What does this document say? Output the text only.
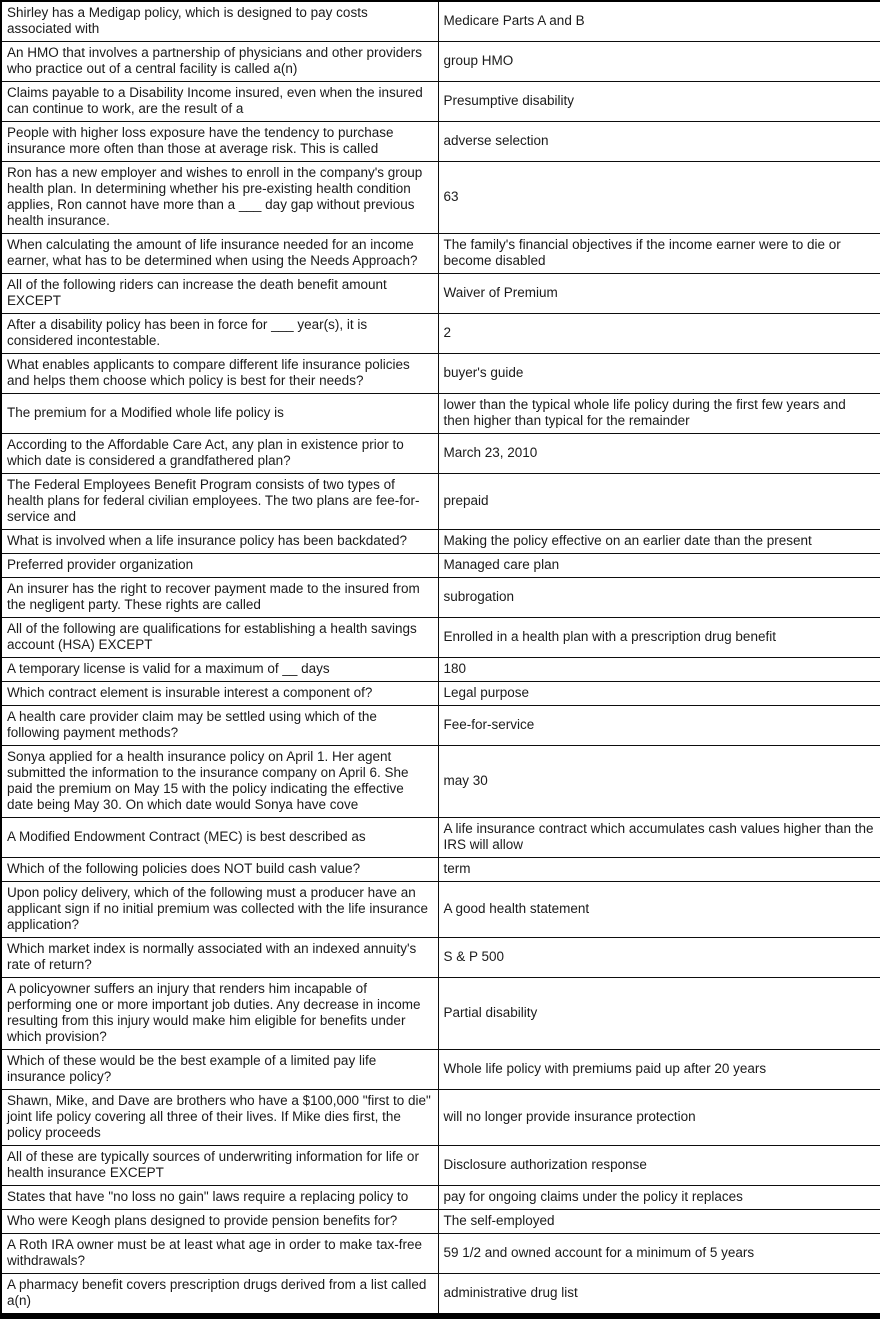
Shirley has a Medigap policy, which is designed to pay costs associated with	Medicare Parts A and B
An HMO that involves a partnership of physicians and other providers who practice out of a central facility is called a(n)	group HMO
Claims payable to a Disability Income insured, even when the insured can continue to work, are the result of a	Presumptive disability
People with higher loss exposure have the tendency to purchase insurance more often than those at average risk. This is called	adverse selection
Ron has a new employer and wishes to enroll in the company's group health plan. In determining whether his pre-existing health condition applies, Ron cannot have more than a ___ day gap without previous health insurance.	63
When calculating the amount of life insurance needed for an income earner, what has to be determined when using the Needs Approach?	The family's financial objectives if the income earner were to die or become disabled
All of the following riders can increase the death benefit amount EXCEPT	Waiver of Premium
After a disability policy has been in force for ___ year(s), it is considered incontestable.	2
What enables applicants to compare different life insurance policies and helps them choose which policy is best for their needs?	buyer's guide
The premium for a Modified whole life policy is	lower than the typical whole life policy during the first few years and then higher than typical for the remainder
According to the Affordable Care Act, any plan in existence prior to which date is considered a grandfathered plan?	March 23, 2010
The Federal Employees Benefit Program consists of two types of health plans for federal civilian employees. The two plans are fee-for-service and	prepaid
What is involved when a life insurance policy has been backdated?	Making the policy effective on an earlier date than the present
Preferred provider organization	Managed care plan
An insurer has the right to recover payment made to the insured from the negligent party. These rights are called	subrogation
All of the following are qualifications for establishing a health savings account (HSA) EXCEPT	Enrolled in a health plan with a prescription drug benefit
A temporary license is valid for a maximum of __ days	180
Which contract element is insurable interest a component of?	Legal purpose
A health care provider claim may be settled using which of the following payment methods?	Fee-for-service
Sonya applied for a health insurance policy on April 1. Her agent submitted the information to the insurance company on April 6. She paid the premium on May 15 with the policy indicating the effective date being May 30. On which date would Sonya have cove	may 30
A Modified Endowment Contract (MEC) is best described as	A life insurance contract which accumulates cash values higher than the IRS will allow
Which of the following policies does NOT build cash value?	term
Upon policy delivery, which of the following must a producer have an applicant sign if no initial premium was collected with the life insurance application?	A good health statement
Which market index is normally associated with an indexed annuity's rate of return?	S & P 500
A policyowner suffers an injury that renders him incapable of performing one or more important job duties. Any decrease in income resulting from this injury would make him eligible for benefits under which provision?	Partial disability
Which of these would be the best example of a limited pay life insurance policy?	Whole life policy with premiums paid up after 20 years
Shawn, Mike, and Dave are brothers who have a $100,000 "first to die" joint life policy covering all three of their lives. If Mike dies first, the policy proceeds	will no longer provide insurance protection
All of these are typically sources of underwriting information for life or health insurance EXCEPT	Disclosure authorization response
States that have "no loss no gain" laws require a replacing policy to	pay for ongoing claims under the policy it replaces
Who were Keogh plans designed to provide pension benefits for?	The self-employed
A Roth IRA owner must be at least what age in order to make tax-free withdrawals?	59 1/2 and owned account for a minimum of 5 years
A pharmacy benefit covers prescription drugs derived from a list called a(n)	administrative drug list
